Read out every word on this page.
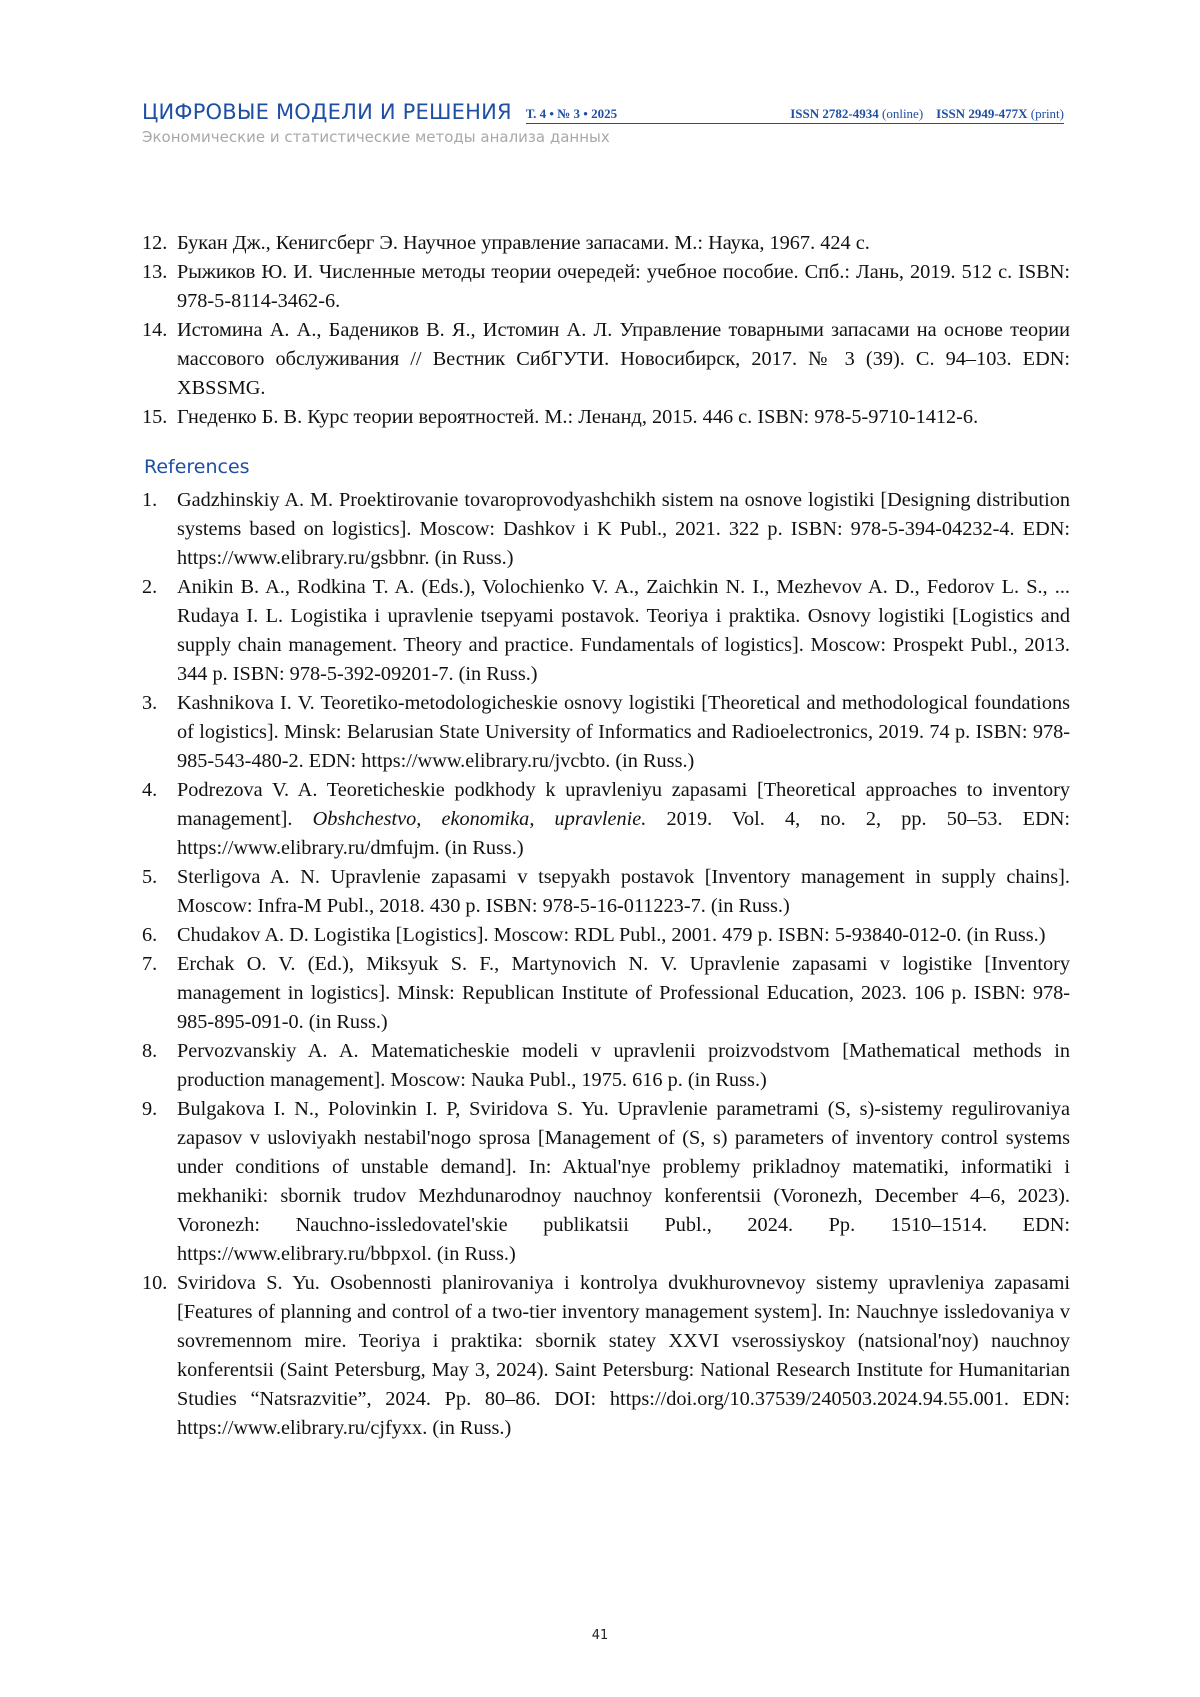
ЦИФРОВЫЕ МОДЕЛИ И РЕШЕНИЯ Т. 4 • № 3 • 2025	ISSN 2782-4934 (online) ISSN 2949-477X (print)
Экономические и статистические методы анализа данных
12. Букан Дж., Кенигсберг Э. Научное управление запасами. М.: Наука, 1967. 424 с.
13. Рыжиков Ю. И. Численные методы теории очередей: учебное пособие. Спб.: Лань, 2019. 512 с. ISBN: 978-5-8114-3462-6.
14. Истомина А. А., Бадеников В. Я., Истомин А. Л. Управление товарными запасами на основе теории массового обслуживания // Вестник СибГУТИ. Новосибирск, 2017. № 3 (39). С. 94–103. EDN: XBSSMG.
15. Гнеденко Б. В. Курс теории вероятностей. М.: Ленанд, 2015. 446 с. ISBN: 978-5-9710-1412-6.
References
1. Gadzhinskiy A. M. Proektirovanie tovaroprovodyashchikh sistem na osnove logistiki [Designing distribution systems based on logistics]. Moscow: Dashkov i K Publ., 2021. 322 p. ISBN: 978-5-394-04232-4. EDN: https://www.elibrary.ru/gsbbnr. (in Russ.)
2. Anikin B. A., Rodkina T. A. (Eds.), Volochienko V. A., Zaichkin N. I., Mezhevov A. D., Fedorov L. S., ... Rudaya I. L. Logistika i upravlenie tsepyami postavok. Teoriya i praktika. Osnovy logistiki [Logistics and supply chain management. Theory and practice. Fundamentals of logistics]. Moscow: Prospekt Publ., 2013. 344 p. ISBN: 978-5-392-09201-7. (in Russ.)
3. Kashnikova I. V. Teoretiko-metodologicheskie osnovy logistiki [Theoretical and methodological foundations of logistics]. Minsk: Belarusian State University of Informatics and Radioelectronics, 2019. 74 p. ISBN: 978-985-543-480-2. EDN: https://www.elibrary.ru/jvcbto. (in Russ.)
4. Podrezova V. A. Teoreticheskie podkhody k upravleniyu zapasami [Theoretical approaches to inventory management]. Obshchestvo, ekonomika, upravlenie. 2019. Vol. 4, no. 2, pp. 50–53. EDN: https://www.elibrary.ru/dmfujm. (in Russ.)
5. Sterligova A. N. Upravlenie zapasami v tsepyakh postavok [Inventory management in supply chains]. Moscow: Infra-M Publ., 2018. 430 p. ISBN: 978-5-16-011223-7. (in Russ.)
6. Chudakov A. D. Logistika [Logistics]. Moscow: RDL Publ., 2001. 479 p. ISBN: 5-93840-012-0. (in Russ.)
7. Erchak O. V. (Ed.), Miksyuk S. F., Martynovich N. V. Upravlenie zapasami v logistike [Inventory management in logistics]. Minsk: Republican Institute of Professional Education, 2023. 106 p. ISBN: 978-985-895-091-0. (in Russ.)
8. Pervozvanskiy A. A. Matematicheskie modeli v upravlenii proizvodstvom [Mathematical methods in production management]. Moscow: Nauka Publ., 1975. 616 p. (in Russ.)
9. Bulgakova I. N., Polovinkin I. P, Sviridova S. Yu. Upravlenie parametrami (S, s)-sistemy regulirovaniya zapasov v usloviyakh nestabil'nogo sprosa [Management of (S, s) parameters of inventory control systems under conditions of unstable demand]. In: Aktual'nye problemy prikladnoy matematiki, informatiki i mekhaniki: sbornik trudov Mezhdunarodnoy nauchnoy konferentsii (Voronezh, December 4–6, 2023). Voronezh: Nauchno-issledovatel'skie publikatsii Publ., 2024. Pp. 1510–1514. EDN: https://www.elibrary.ru/bbpxol. (in Russ.)
10. Sviridova S. Yu. Osobennosti planirovaniya i kontrolya dvukhurovnevoy sistemy upravleniya zapasami [Features of planning and control of a two-tier inventory management system]. In: Nauchnye issledovaniya v sovremennom mire. Teoriya i praktika: sbornik statey XXVI vserossiyskoy (natsional'noy) nauchnoy konferentsii (Saint Petersburg, May 3, 2024). Saint Petersburg: National Research Institute for Humanitarian Studies “Natsrazvitie”, 2024. Pp. 80–86. DOI: https://doi.org/10.37539/240503.2024.94.55.001. EDN: https://www.elibrary.ru/cjfyxx. (in Russ.)
41
